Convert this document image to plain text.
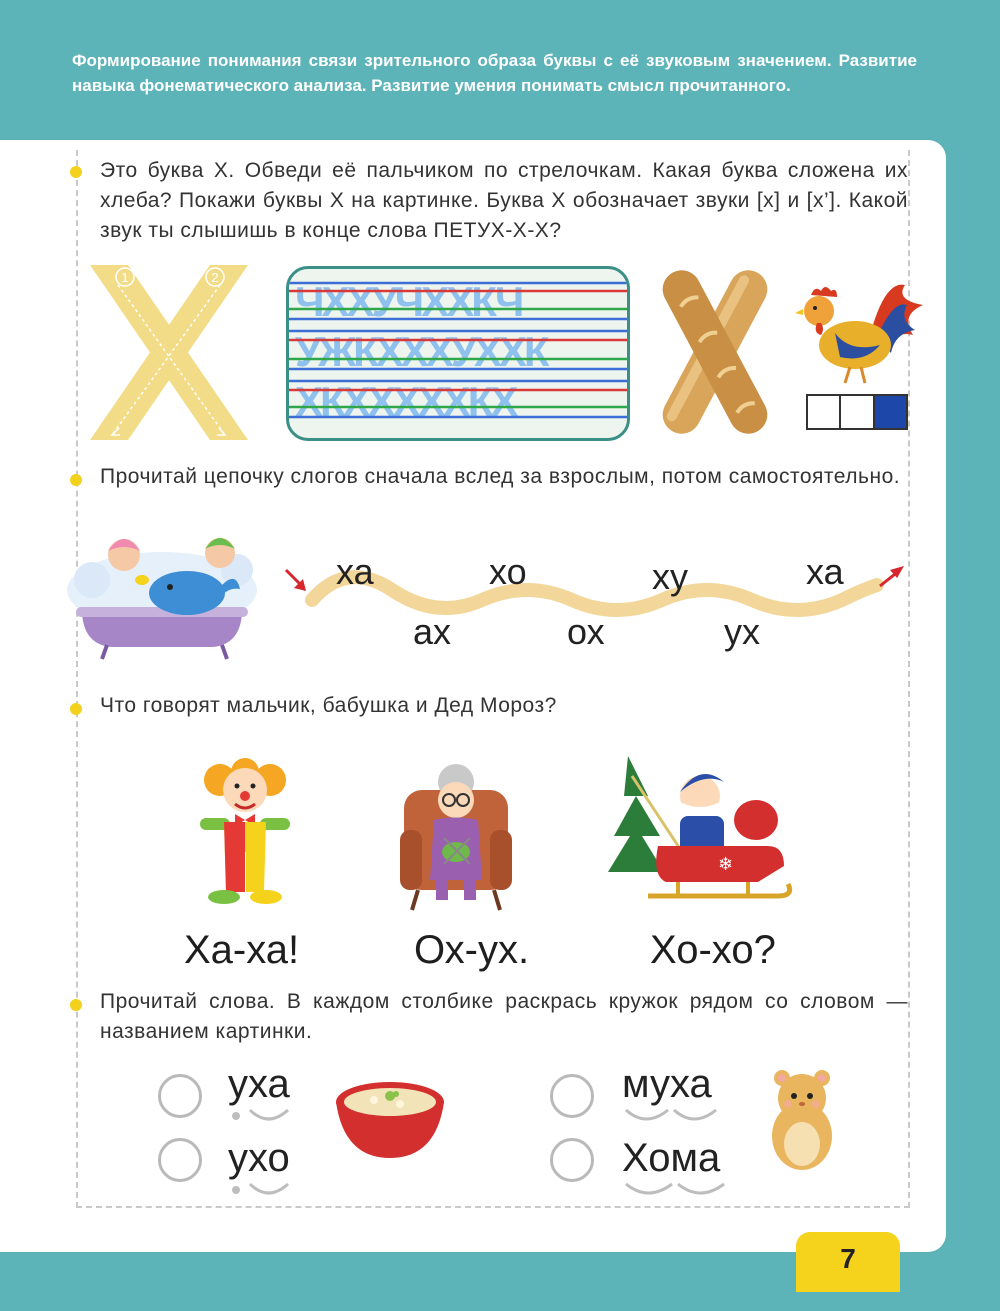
Формирование понимания связи зрительного образа буквы с её звуковым значением. Развитие навыка фонематического анализа. Развитие умения понимать смысл прочитанного.
Это буква Х. Обведи её пальчиком по стрелочкам. Какая буква сложена их хлеба? Покажи буквы Х на картинке. Буква Х обозначает звуки [х] и [х’]. Какой звук ты слышишь в конце слова ПЕТУХ-Х-Х?
1	2
ЧХХУЧХХКЧ
УЖКХХХУХХК
ХКХХХХХКХ
Прочитай цепочку слогов сначала вслед за взрослым, потом самостоятельно.
ха	хо	ху	ха
ах	ох	ух
Что говорят мальчик, бабушка и Дед Мороз?
❄
Ха-ха!	Ох-ух.	Хо-хо?
Прочитай слова. В каждом столбике раскрась кружок рядом со словом — названием картинки.
уха
ухо
муха
Хома
7
